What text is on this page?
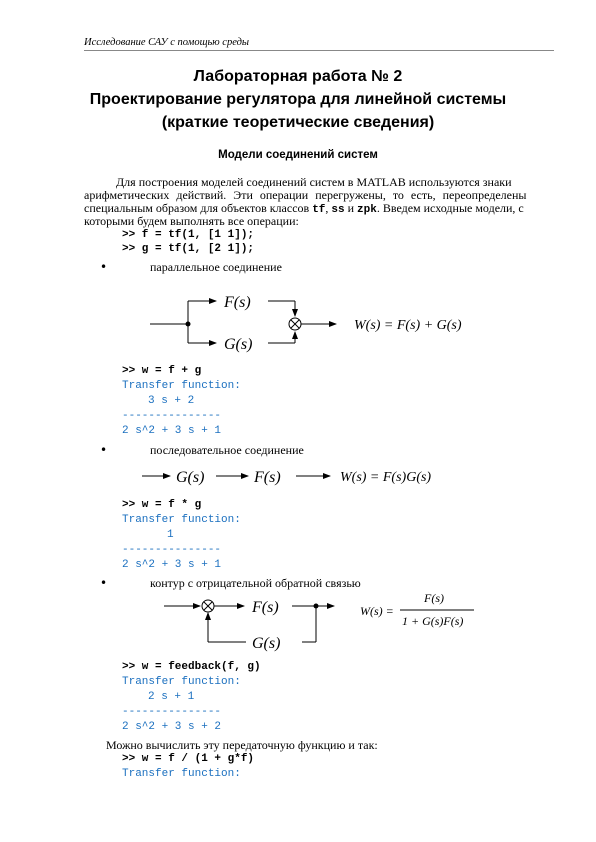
Исследование САУ с помощью среды
Лабораторная работа № 2
Проектирование регулятора для линейной системы
(краткие теоретические сведения)
Модели соединений систем
Для построения моделей соединений систем в MATLAB используются знаки
арифметических действий. Эти операции перегружены, то есть, переопределены
специальным образом для объектов классов tf, ss и zpk. Введем исходные модели, с
которыми будем выполнять все операции:
>> f = tf(1, [1 1]);
>> g = tf(1, [2 1]);
•	параллельное соединение
F(s)
G(s)
W(s) = F(s) + G(s)
>> w = f + g
Transfer function:
3 s + 2
---------------
2 s^2 + 3 s + 1
•	последовательное соединение
G(s)	F(s)	W(s) = F(s)G(s)
>> w = f * g
Transfer function:
1
---------------
2 s^2 + 3 s + 1
•	контур с отрицательной обратной связью
F(s)
G(s)
W(s) =
F(s)
1 + G(s)F(s)
>> w = feedback(f, g)
Transfer function:
2 s + 1
---------------
2 s^2 + 3 s + 2
Можно вычислить эту передаточную функцию и так:
>> w = f / (1 + g*f)
Transfer function:
